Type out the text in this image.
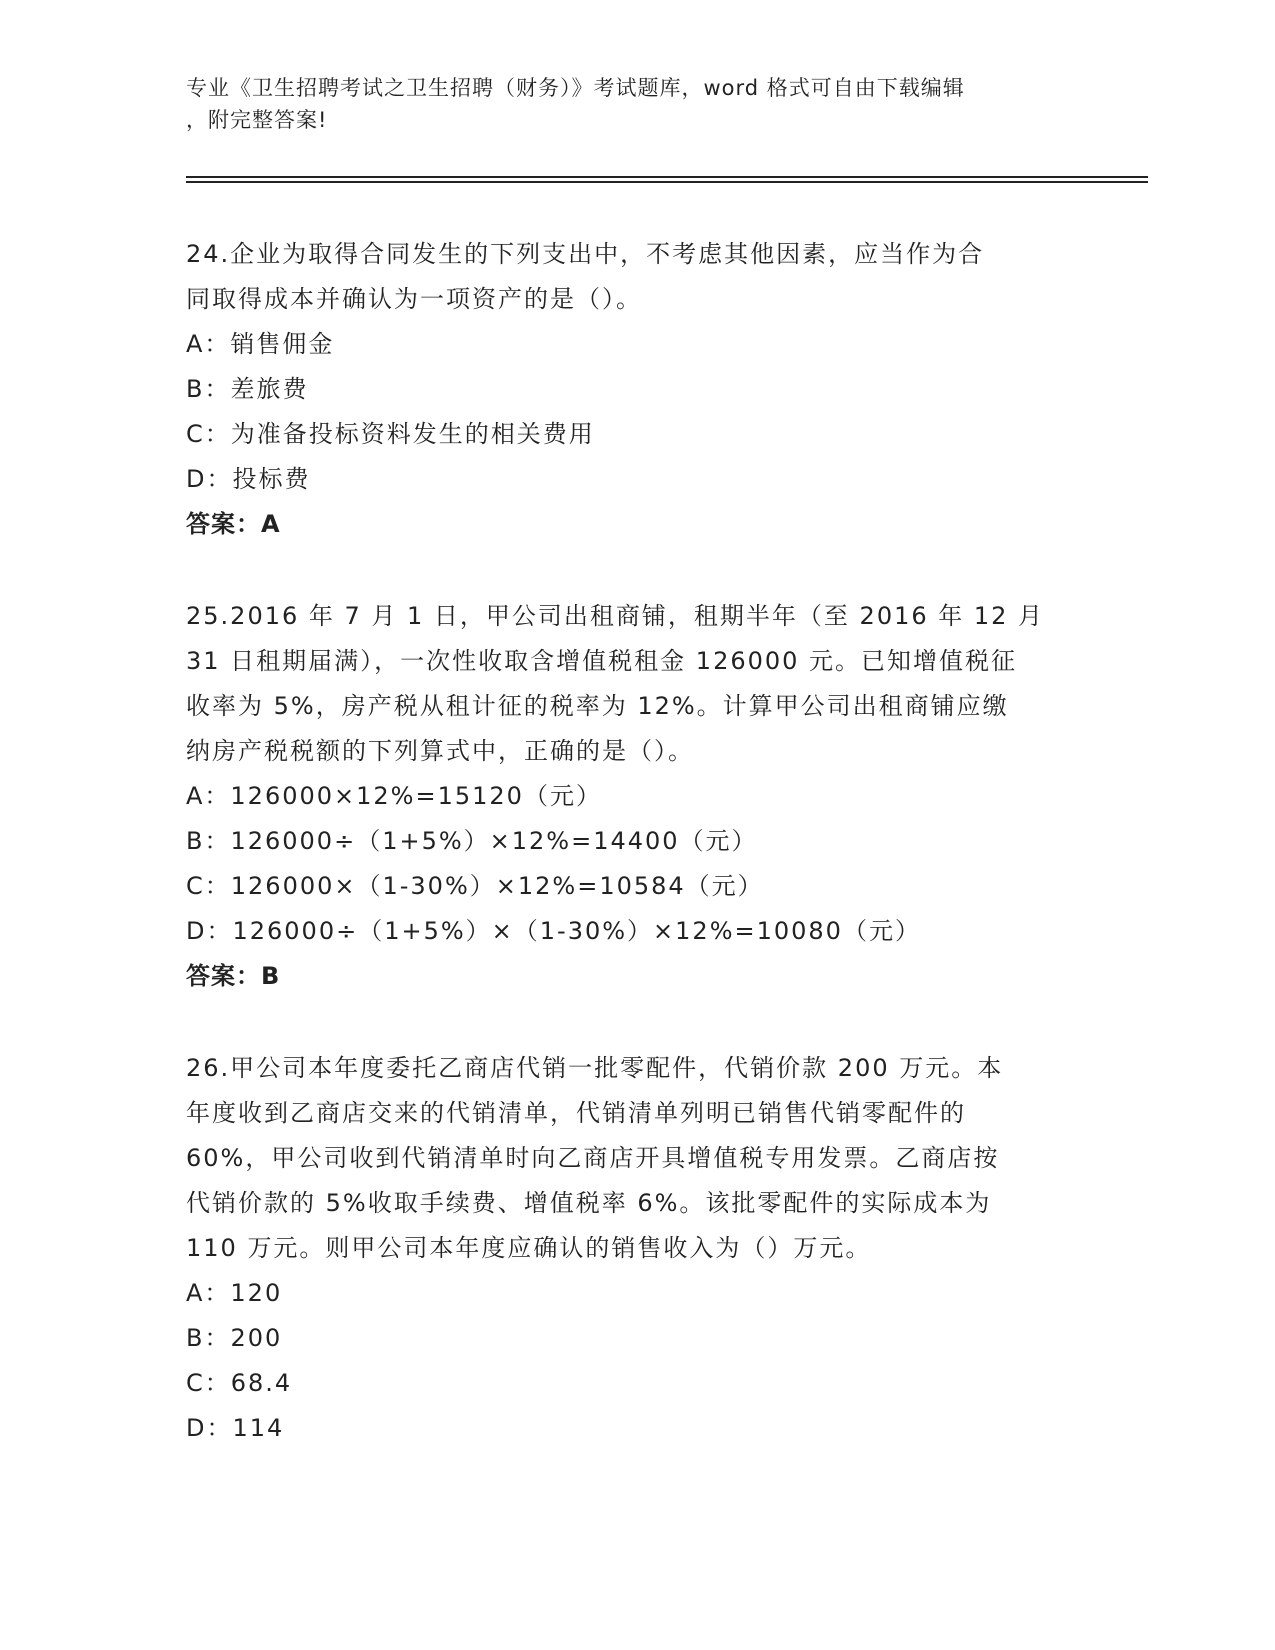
专业《卫生招聘考试之卫生招聘（财务）》考试题库，word 格式可自由下载编辑
，附完整答案!
24.企业为取得合同发生的下列支出中，不考虑其他因素，应当作为合
同取得成本并确认为一项资产的是（）。
A：销售佣金
B：差旅费
C：为准备投标资料发生的相关费用
D：投标费
答案：A
25.2016 年 7 月 1 日，甲公司出租商铺，租期半年（至 2016 年 12 月
31 日租期届满），一次性收取含增值税租金 126000 元。已知增值税征
收率为 5%，房产税从租计征的税率为 12%。计算甲公司出租商铺应缴
纳房产税税额的下列算式中，正确的是（）。
A：126000×12%=15120（元）
B：126000÷（1+5%）×12%=14400（元）
C：126000×（1-30%）×12%=10584（元）
D：126000÷（1+5%）×（1-30%）×12%=10080（元）
答案：B
26.甲公司本年度委托乙商店代销一批零配件，代销价款 200 万元。本
年度收到乙商店交来的代销清单，代销清单列明已销售代销零配件的
60%，甲公司收到代销清单时向乙商店开具增值税专用发票。乙商店按
代销价款的 5%收取手续费、增值税率 6%。该批零配件的实际成本为
110 万元。则甲公司本年度应确认的销售收入为（）万元。
A：120
B：200
C：68.4
D：114
